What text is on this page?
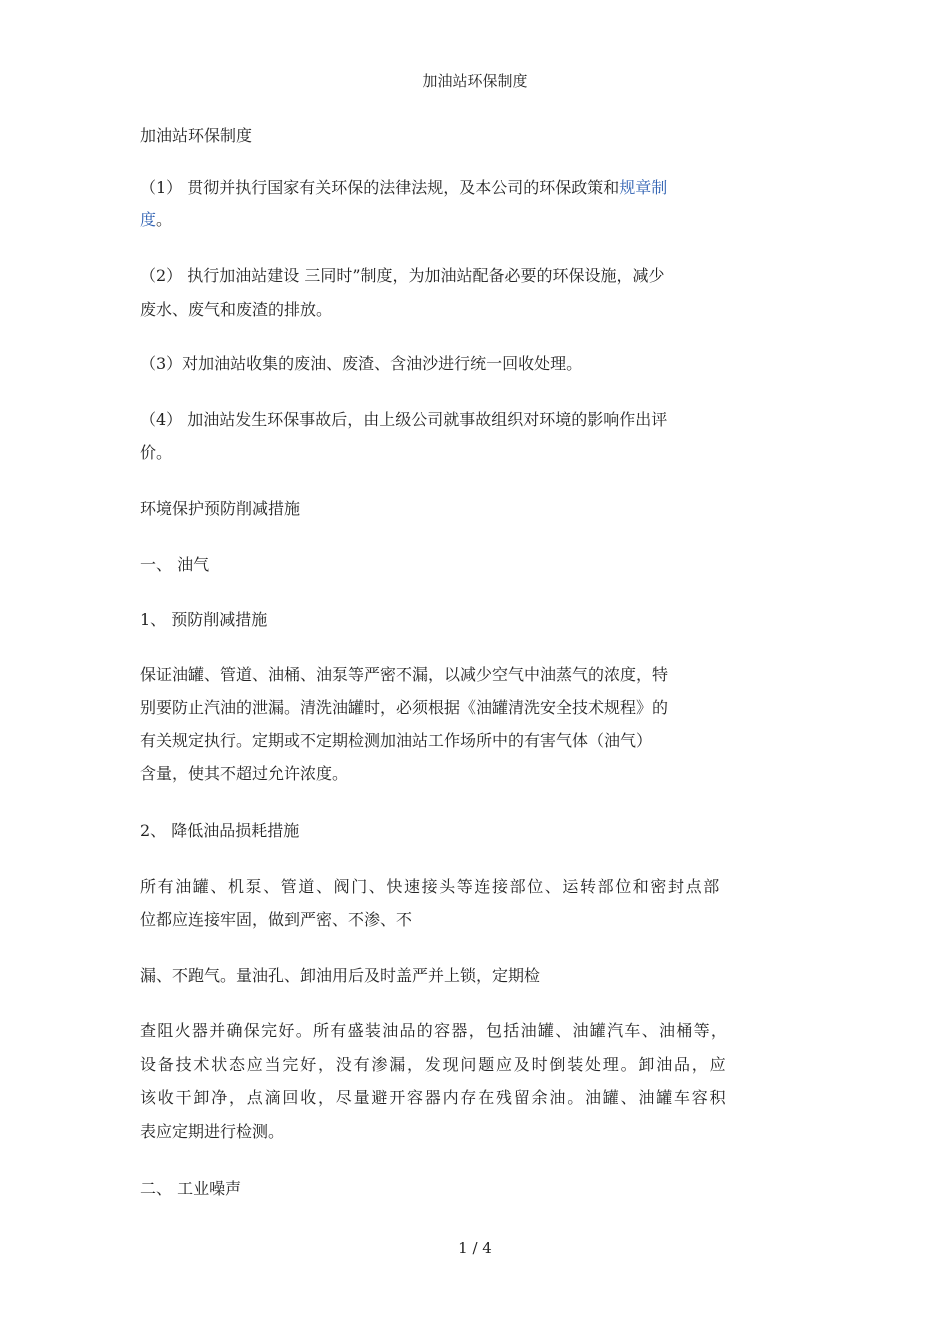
加油站环保制度
加油站环保制度
（1） 贯彻并执行国家有关环保的法律法规，及本公司的环保政策和规章制
度。
（2） 执行加油站建设 三同时”制度，为加油站配备必要的环保设施，减少
废水、废气和废渣的排放。
（3）对加油站收集的废油、废渣、含油沙进行统一回收处理。
（4） 加油站发生环保事故后，由上级公司就事故组织对环境的影响作出评
价。
环境保护预防削减措施
一、 油气
1、 预防削减措施
保证油罐、管道、油桶、油泵等严密不漏，以减少空气中油蒸气的浓度，特
别要防止汽油的泄漏。清洗油罐时，必须根据《油罐清洗安全技术规程》的
有关规定执行。定期或不定期检测加油站工作场所中的有害气体（油气）
含量，使其不超过允许浓度。
2、 降低油品损耗措施
所有油罐、机泵、管道、阀门、快速接头等连接部位、运转部位和密封点部
位都应连接牢固，做到严密、不渗、不
漏、不跑气。量油孔、卸油用后及时盖严并上锁，定期检
查阻火器并确保完好。所有盛装油品的容器，包括油罐、油罐汽车、油桶等，
设备技术状态应当完好，没有渗漏，发现问题应及时倒装处理。卸油品，应
该收干卸净，点滴回收，尽量避开容器内存在残留余油。油罐、油罐车容积
表应定期进行检测。
二、 工业噪声
1 / 4
